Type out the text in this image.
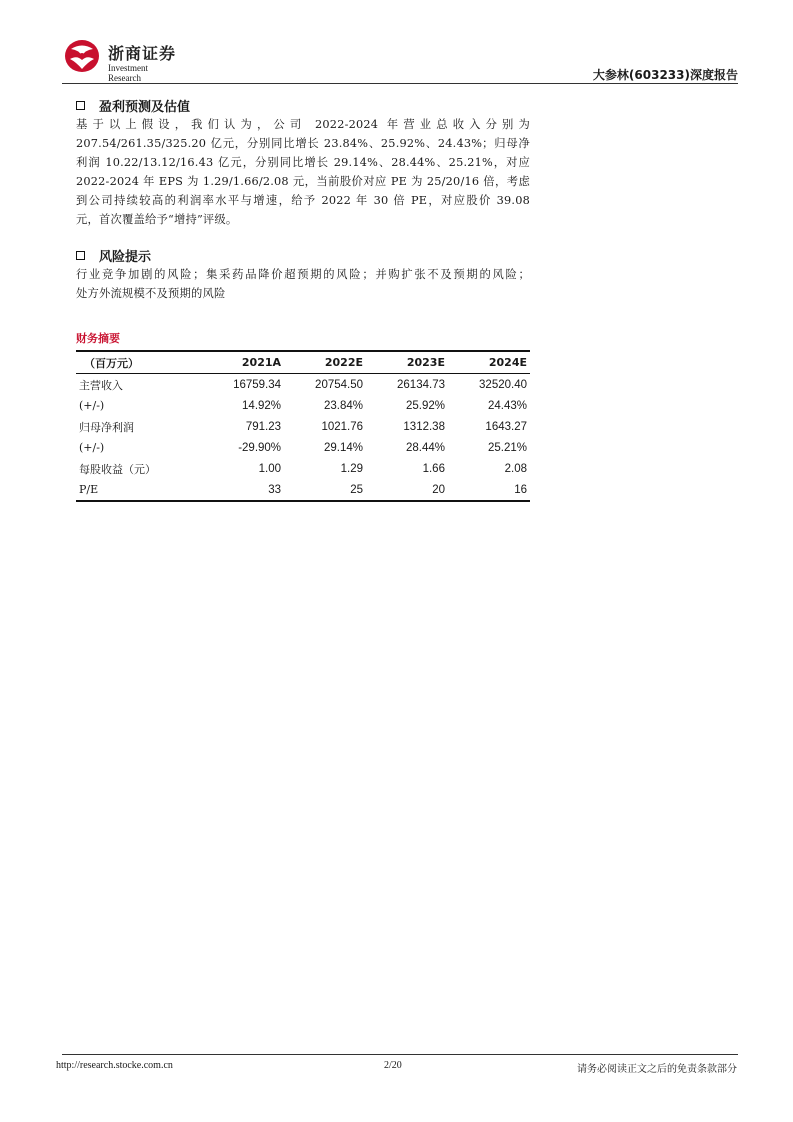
浙商证券
Investment Research	大参林(603233)深度报告
盈利预测及估值

基于以上假设，我们认为，公司 2022-2024 年营业总收入分别为

207.54/261.35/325.20 亿元，分别同比增长 23.84%、25.92%、24.43%；归母净

利润 10.22/13.12/16.43 亿元，分别同比增长 29.14%、28.44%、25.21%，对应

2022-2024 年 EPS 为 1.29/1.66/2.08 元，当前股价对应 PE 为 25/20/16 倍，考虑

到公司持续较高的利润率水平与增速，给予 2022 年 30 倍 PE，对应股价 39.08

元，首次覆盖给予“增持”评级。

风险提示

行业竞争加剧的风险；集采药品降价超预期的风险；并购扩张不及预期的风险；

处方外流规模不及预期的风险

财务摘要
（百万元）	2021A	2022E	2023E	2024E
主营收入	16759.34	20754.50	26134.73	32520.40
(+/-)	14.92%	23.84%	25.92%	24.43%
归母净利润	791.23	1021.76	1312.38	1643.27
(+/-)	-29.90%	29.14%	28.44%	25.21%
每股收益（元）	1.00	1.29	1.66	2.08
P/E	33	25	20	16
http://research.stocke.com.cn	2/20	请务必阅读正文之后的免责条款部分
